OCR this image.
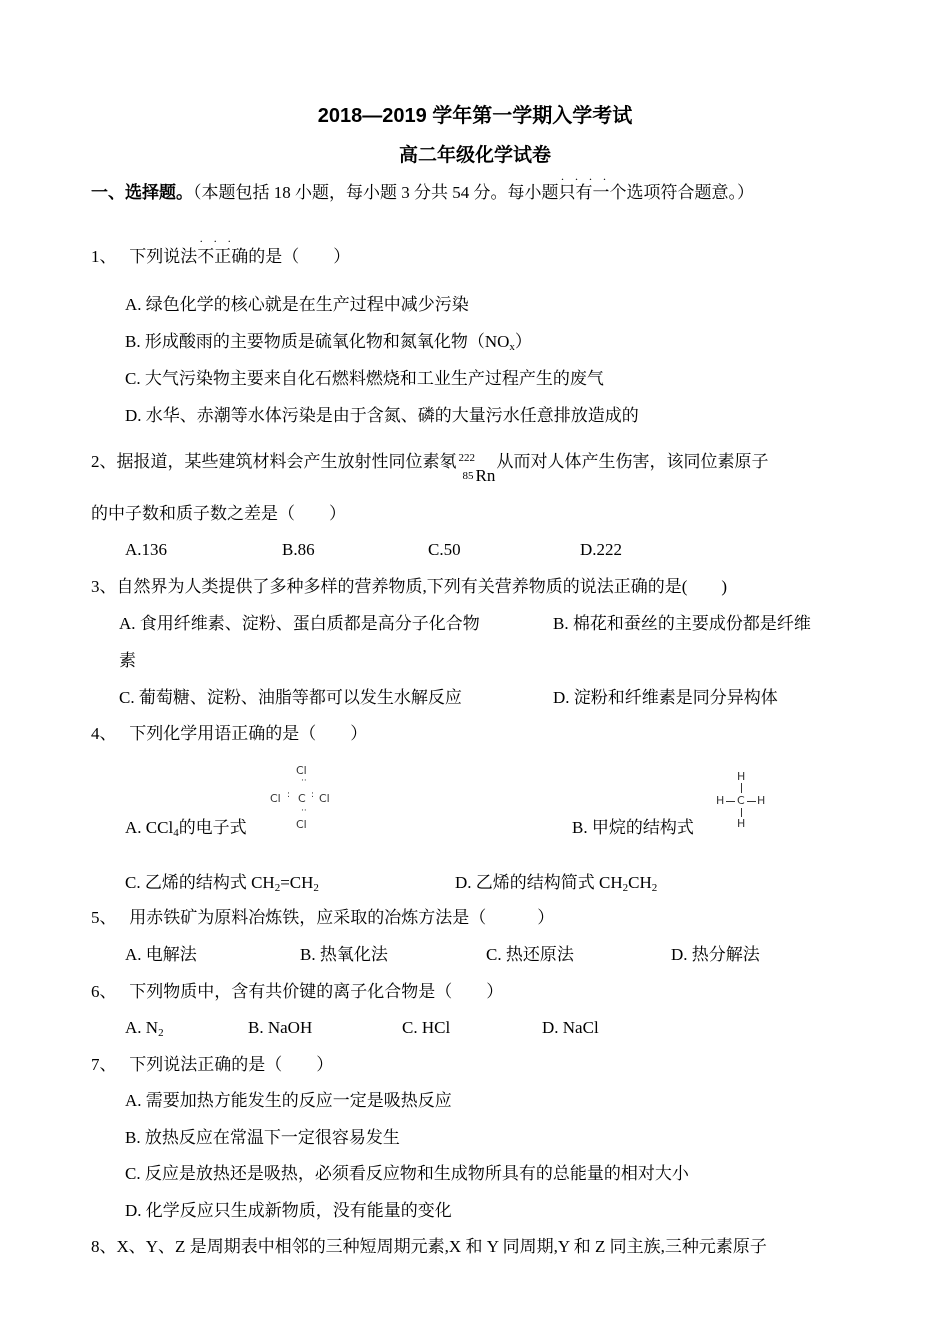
2018—2019 学年第一学期入学考试
高二年级化学试卷
一、选择题。（本题包括 18 小题，每小题 3 分共 54 分。每小题只有一个
····
选项符合题意。）
1、 下列说法不正确
···
的是（　　）
A. 绿色化学的核心就是在生产过程中减少污染
B. 形成酸雨的主要物质是硫氧化物和氮氧化物$(NO_x)$
C. 大气污染物主要来自化石燃料燃烧和工业生产过程产生的废气
D. 水华、赤潮等水体污染是由于含氮、磷的大量污水任意排放造成的
2、据报道，某些建筑材料会产生放射性同位素氡 222
85 Rn
从而对人体产生伤害，该同位素原子
的中子数和质子数之差是（　　）
A.136	B.86	C.50	D.222
3、自然界为人类提供了多种多样的营养物质,下列有关营养物质的说法正确的是(　　)
A. 食用纤维素、淀粉、蛋白质都是高分子化合物	B. 棉花和蚕丝的主要成份都是纤维
素
C. 葡萄糖、淀粉、油脂等都可以发生水解反应	D. 淀粉和纤维素是同分异构体
4、 下列化学用语正确的是（　　）
Cl
··
Cl : C : Cl
··
Cl
A. CCl$_4$的电子式
H
H C H
H
B. 甲烷的结构式
C. 乙烯的结构式 $CH_2=CH_2$	D. 乙烯的结构简式 $CH_2CH_2$
5、 用赤铁矿为原料冶炼铁，应采取的冶炼方法是（　　　）
A. 电解法	B. 热氧化法	C. 热还原法	D. 热分解法
6、 下列物质中，含有共价键的离子化合物是（　　）
A. $N_2$	B. NaOH	C. HCl	D. NaCl
7、 下列说法正确的是（　　）
A. 需要加热方能发生的反应一定是吸热反应
B. 放热反应在常温下一定很容易发生
C. 反应是放热还是吸热，必须看反应物和生成物所具有的总能量的相对大小
D. 化学反应只生成新物质，没有能量的变化
8、X、Y、Z 是周期表中相邻的三种短周期元素,X 和 Y 同周期,Y 和 Z 同主族,三种元素原子
